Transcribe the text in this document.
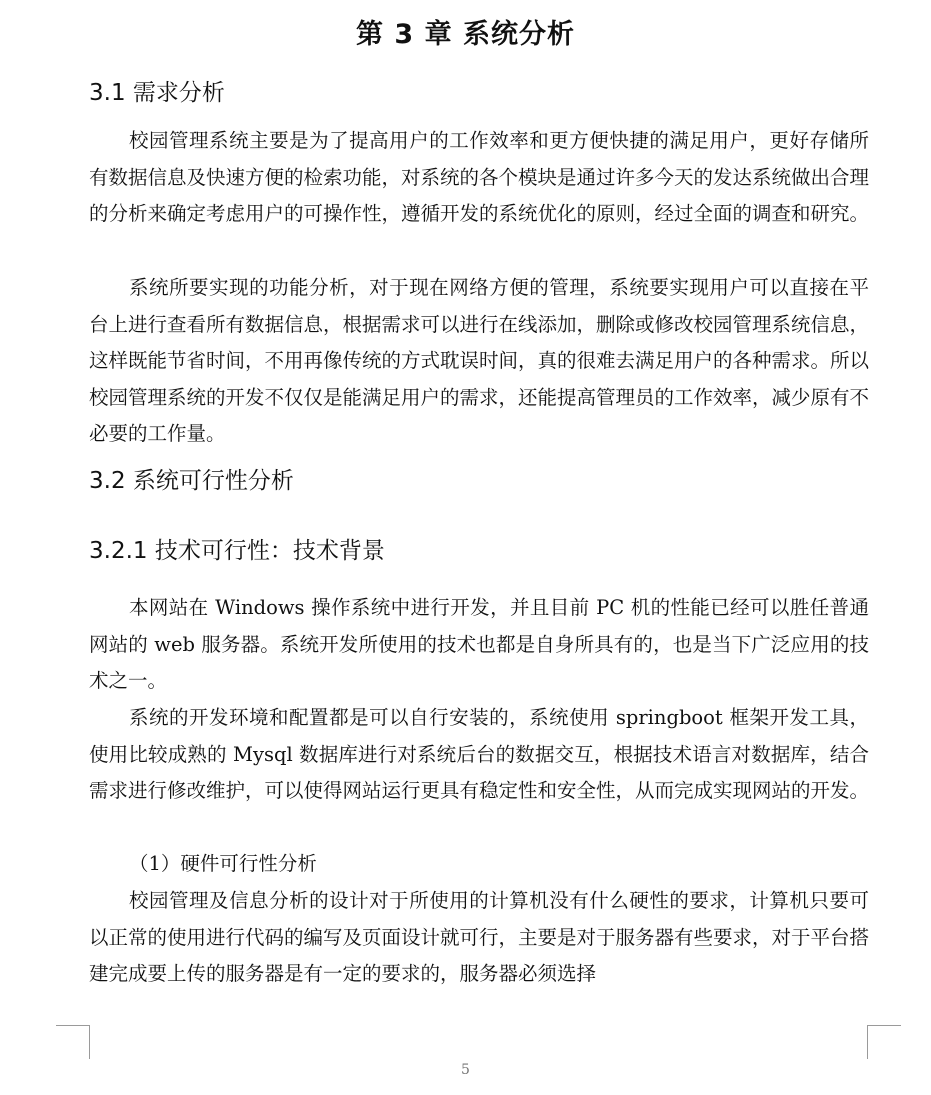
第 3 章 系统分析
3.1 需求分析

校园管理系统主要是为了提高用户的工作效率和更方便快捷的满足用户，更好存储所有数据信息及快速方便的检索功能，对系统的各个模块是通过许多今天的发达系统做出合理的分析来确定考虑用户的可操作性，遵循开发的系统优化的原则，经过全面的调查和研究。

系统所要实现的功能分析，对于现在网络方便的管理，系统要实现用户可以直接在平台上进行查看所有数据信息，根据需求可以进行在线添加，删除或修改校园管理系统信息，这样既能节省时间，不用再像传统的方式耽误时间，真的很难去满足用户的各种需求。所以校园管理系统的开发不仅仅是能满足用户的需求，还能提高管理员的工作效率，减少原有不必要的工作量。

3.2 系统可行性分析
3.2.1 技术可行性：技术背景

本网站在 Windows 操作系统中进行开发，并且目前 PC 机的性能已经可以胜任普通网站的 web 服务器。系统开发所使用的技术也都是自身所具有的，也是当下广泛应用的技术之一。

系统的开发环境和配置都是可以自行安装的，系统使用 springboot 框架开发工具，使用比较成熟的 Mysql 数据库进行对系统后台的数据交互，根据技术语言对数据库，结合需求进行修改维护，可以使得网站运行更具有稳定性和安全性，从而完成实现网站的开发。

（1）硬件可行性分析

校园管理及信息分析的设计对于所使用的计算机没有什么硬性的要求，计算机只要可以正常的使用进行代码的编写及页面设计就可行，主要是对于服务器有些要求，对于平台搭建完成要上传的服务器是有一定的要求的，服务器必须选择

5
